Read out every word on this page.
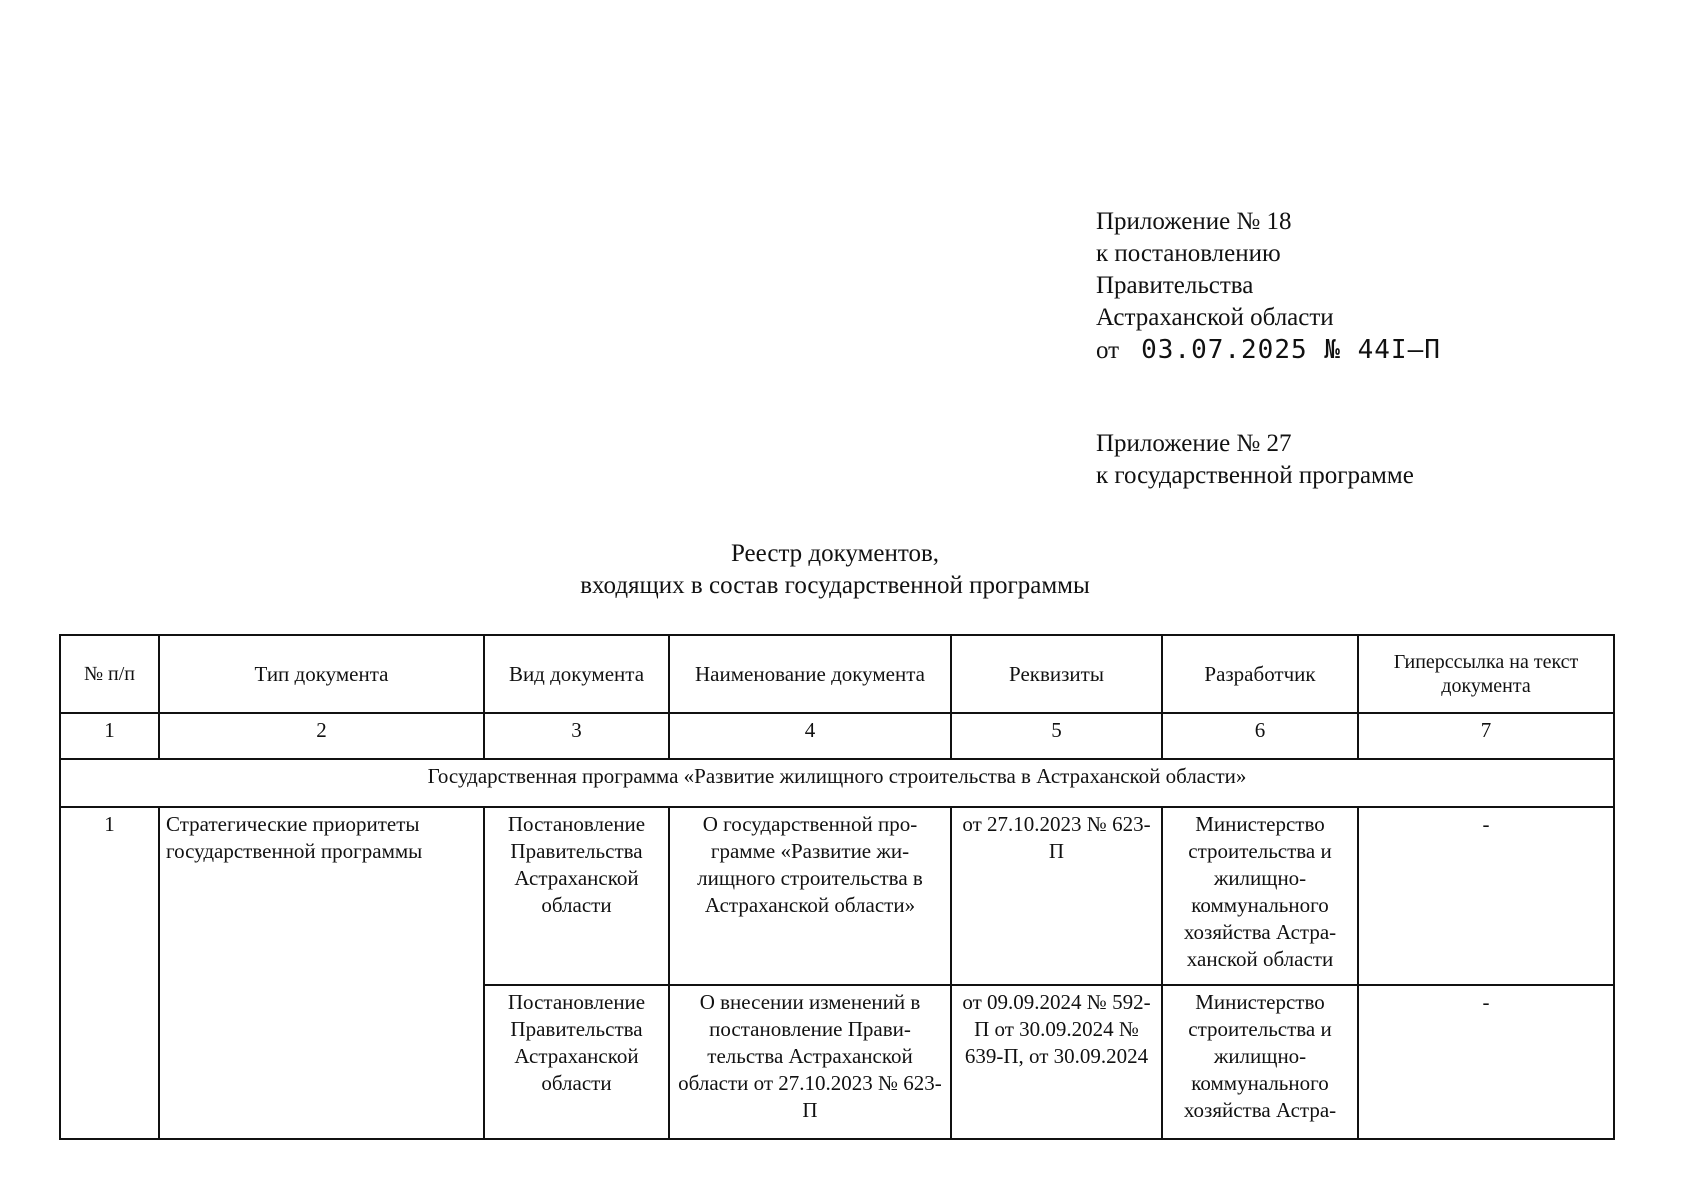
Приложение № 18
к постановлению
Правительства
Астраханской области
от 03.07.2025 № 44I–П
Приложение № 27
к государственной программе
Реестр документов,
входящих в состав государственной программы
№ п/п	Тип документа	Вид документа	Наименование документа	Реквизиты	Разработчик	Гиперссылка на текст документа
1	2	3	4	5	6	7
Государственная программа «Развитие жилищного строительства в Астраханской области»						
1	Стратегические приоритеты государственной программы	Постановление Правительства Астраханской области	О государственной про-грамме «Развитие жи-лищного строительства в Астраханской области»	от 27.10.2023 № 623-П	Министерство строительства и жилищно-коммунального хозяйства Астра-ханской области	-
		Постановление Правительства Астраханской области	О внесении изменений в постановление Прави-тельства Астраханской области от 27.10.2023 № 623-П	от 09.09.2024 № 592-П от 30.09.2024 № 639-П, от 30.09.2024	Министерство строительства и жилищно-коммунального хозяйства Астра-	-
